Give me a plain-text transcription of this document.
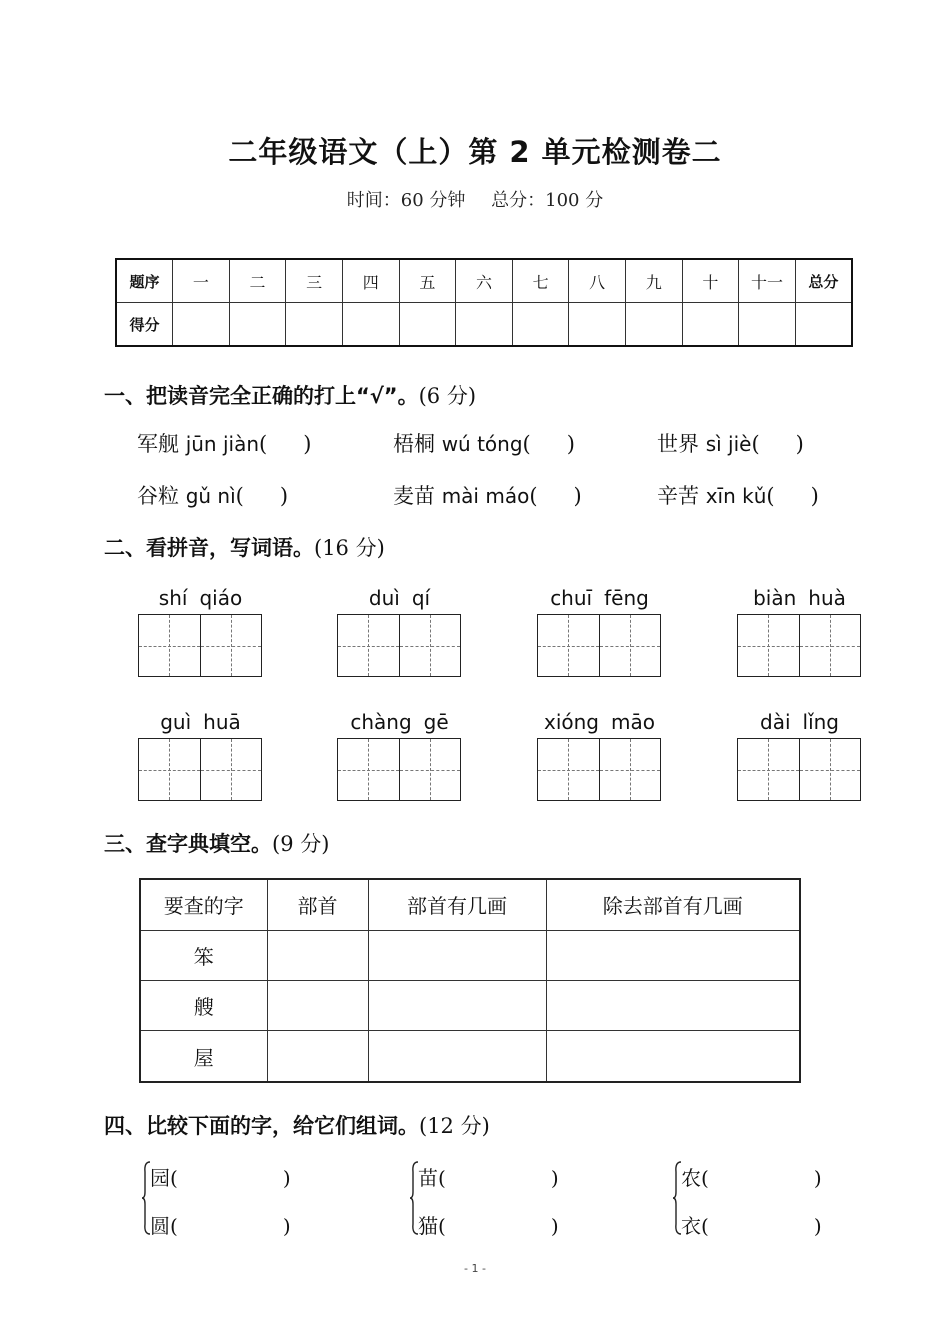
二年级语文（上）第 2 单元检测卷二
时间：60 分钟 总分：100 分
题序	一	二	三	四	五	六	七	八	九	十	十一	总分
得分												
一、把读音完全正确的打上“√”。(6 分)
军舰 jūn jiàn( )	梧桐 wú tóng( )	世界 sì jiè( )
谷粒 gǔ nì( )	麦苗 mài máo( )	辛苦 xīn kǔ( )
二、看拼音，写词语。(16 分)
shí qiáo	duì qí	chuī fēng	biàn huà
guì huā	chàng gē	xióng māo	dài lǐng
三、查字典填空。(9 分)
要查的字	部首	部首有几画	除去部首有几画
笨			
艘			
屋			
四、比较下面的字，给它们组词。(12 分)
园(	)
圆(	)
苗(	)
猫(	)
农(	)
衣(	)
- 1 -
